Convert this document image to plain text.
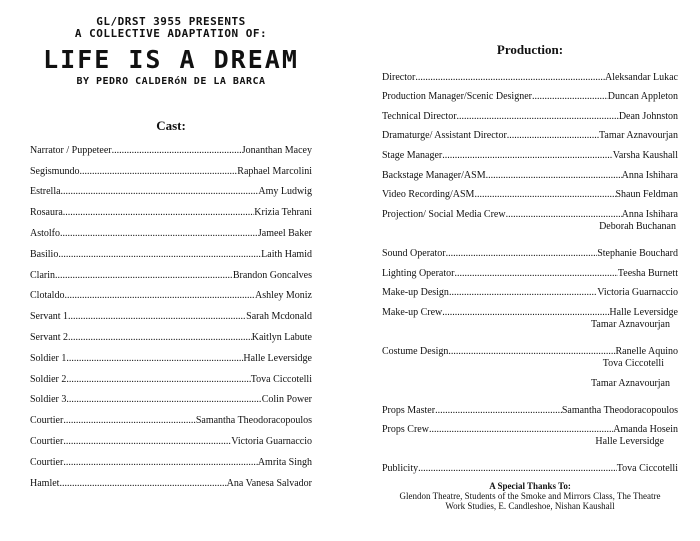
GL/DRST 3955 PRESENTS
A COLLECTIVE ADAPTATION OF:
LIFE IS A DREAM
BY PEDRO CALDERóN DE LA BARCA
Cast:
Narrator / Puppeteer .....	Jonanthan Macey
Segismundo .....	Raphael Marcolini
Estrella .....	Amy Ludwig
Rosaura .....	Krizia Tehrani
Astolfo .....	Jameel Baker
Basilio .....	Laith Hamid
Clarin .....	Brandon Goncalves
Clotaldo .....	Ashley Moniz
Servant 1 .....	Sarah Mcdonald
Servant 2 .....	Kaitlyn Labute
Soldier 1 .....	Halle Leversidge
Soldier 2 .....	Tova Ciccotelli
Soldier 3 .....	Colin Power
Courtier .....	Samantha Theodoracopoulos
Courtier .....	Victoria Guarnaccio
Courtier .....	Amrita Singh
Hamlet .....	Ana Vanesa Salvador
Production:
Director .....	Aleksandar Lukac
Production Manager/Scenic Designer .....	Duncan Appleton
Technical Director .....	Dean Johnston
Dramaturge/ Assistant Director .....	Tamar Aznavourjan
Stage Manager .....	Varsha Kaushall
Backstage Manager/ASM .....	Anna Ishihara
Video Recording/ASM .....	Shaun Feldman
Projection/ Social Media Crew .....	Anna Ishihara
Deborah Buchanan
Sound Operator .....	Stephanie Bouchard
Lighting Operator .....	Teesha Burnett
Make-up Design .....	Victoria Guarnaccio
Make-up Crew .....	Halle Leversidge
Tamar Aznavourjan
Costume Design .....	Ranelle Aquino
Tova Ciccotelli
Tamar Aznavourjan
Props Master .....	Samantha Theodoracopoulos
Props Crew .....	Amanda Hosein
Halle Leversidge
Publicity .....	Tova Ciccotelli
A Special Thanks To:
Glendon Theatre, Students of the Smoke and Mirrors Class, The Theatre
Work Studies, E. Candleshoe, Nishan Kaushall
